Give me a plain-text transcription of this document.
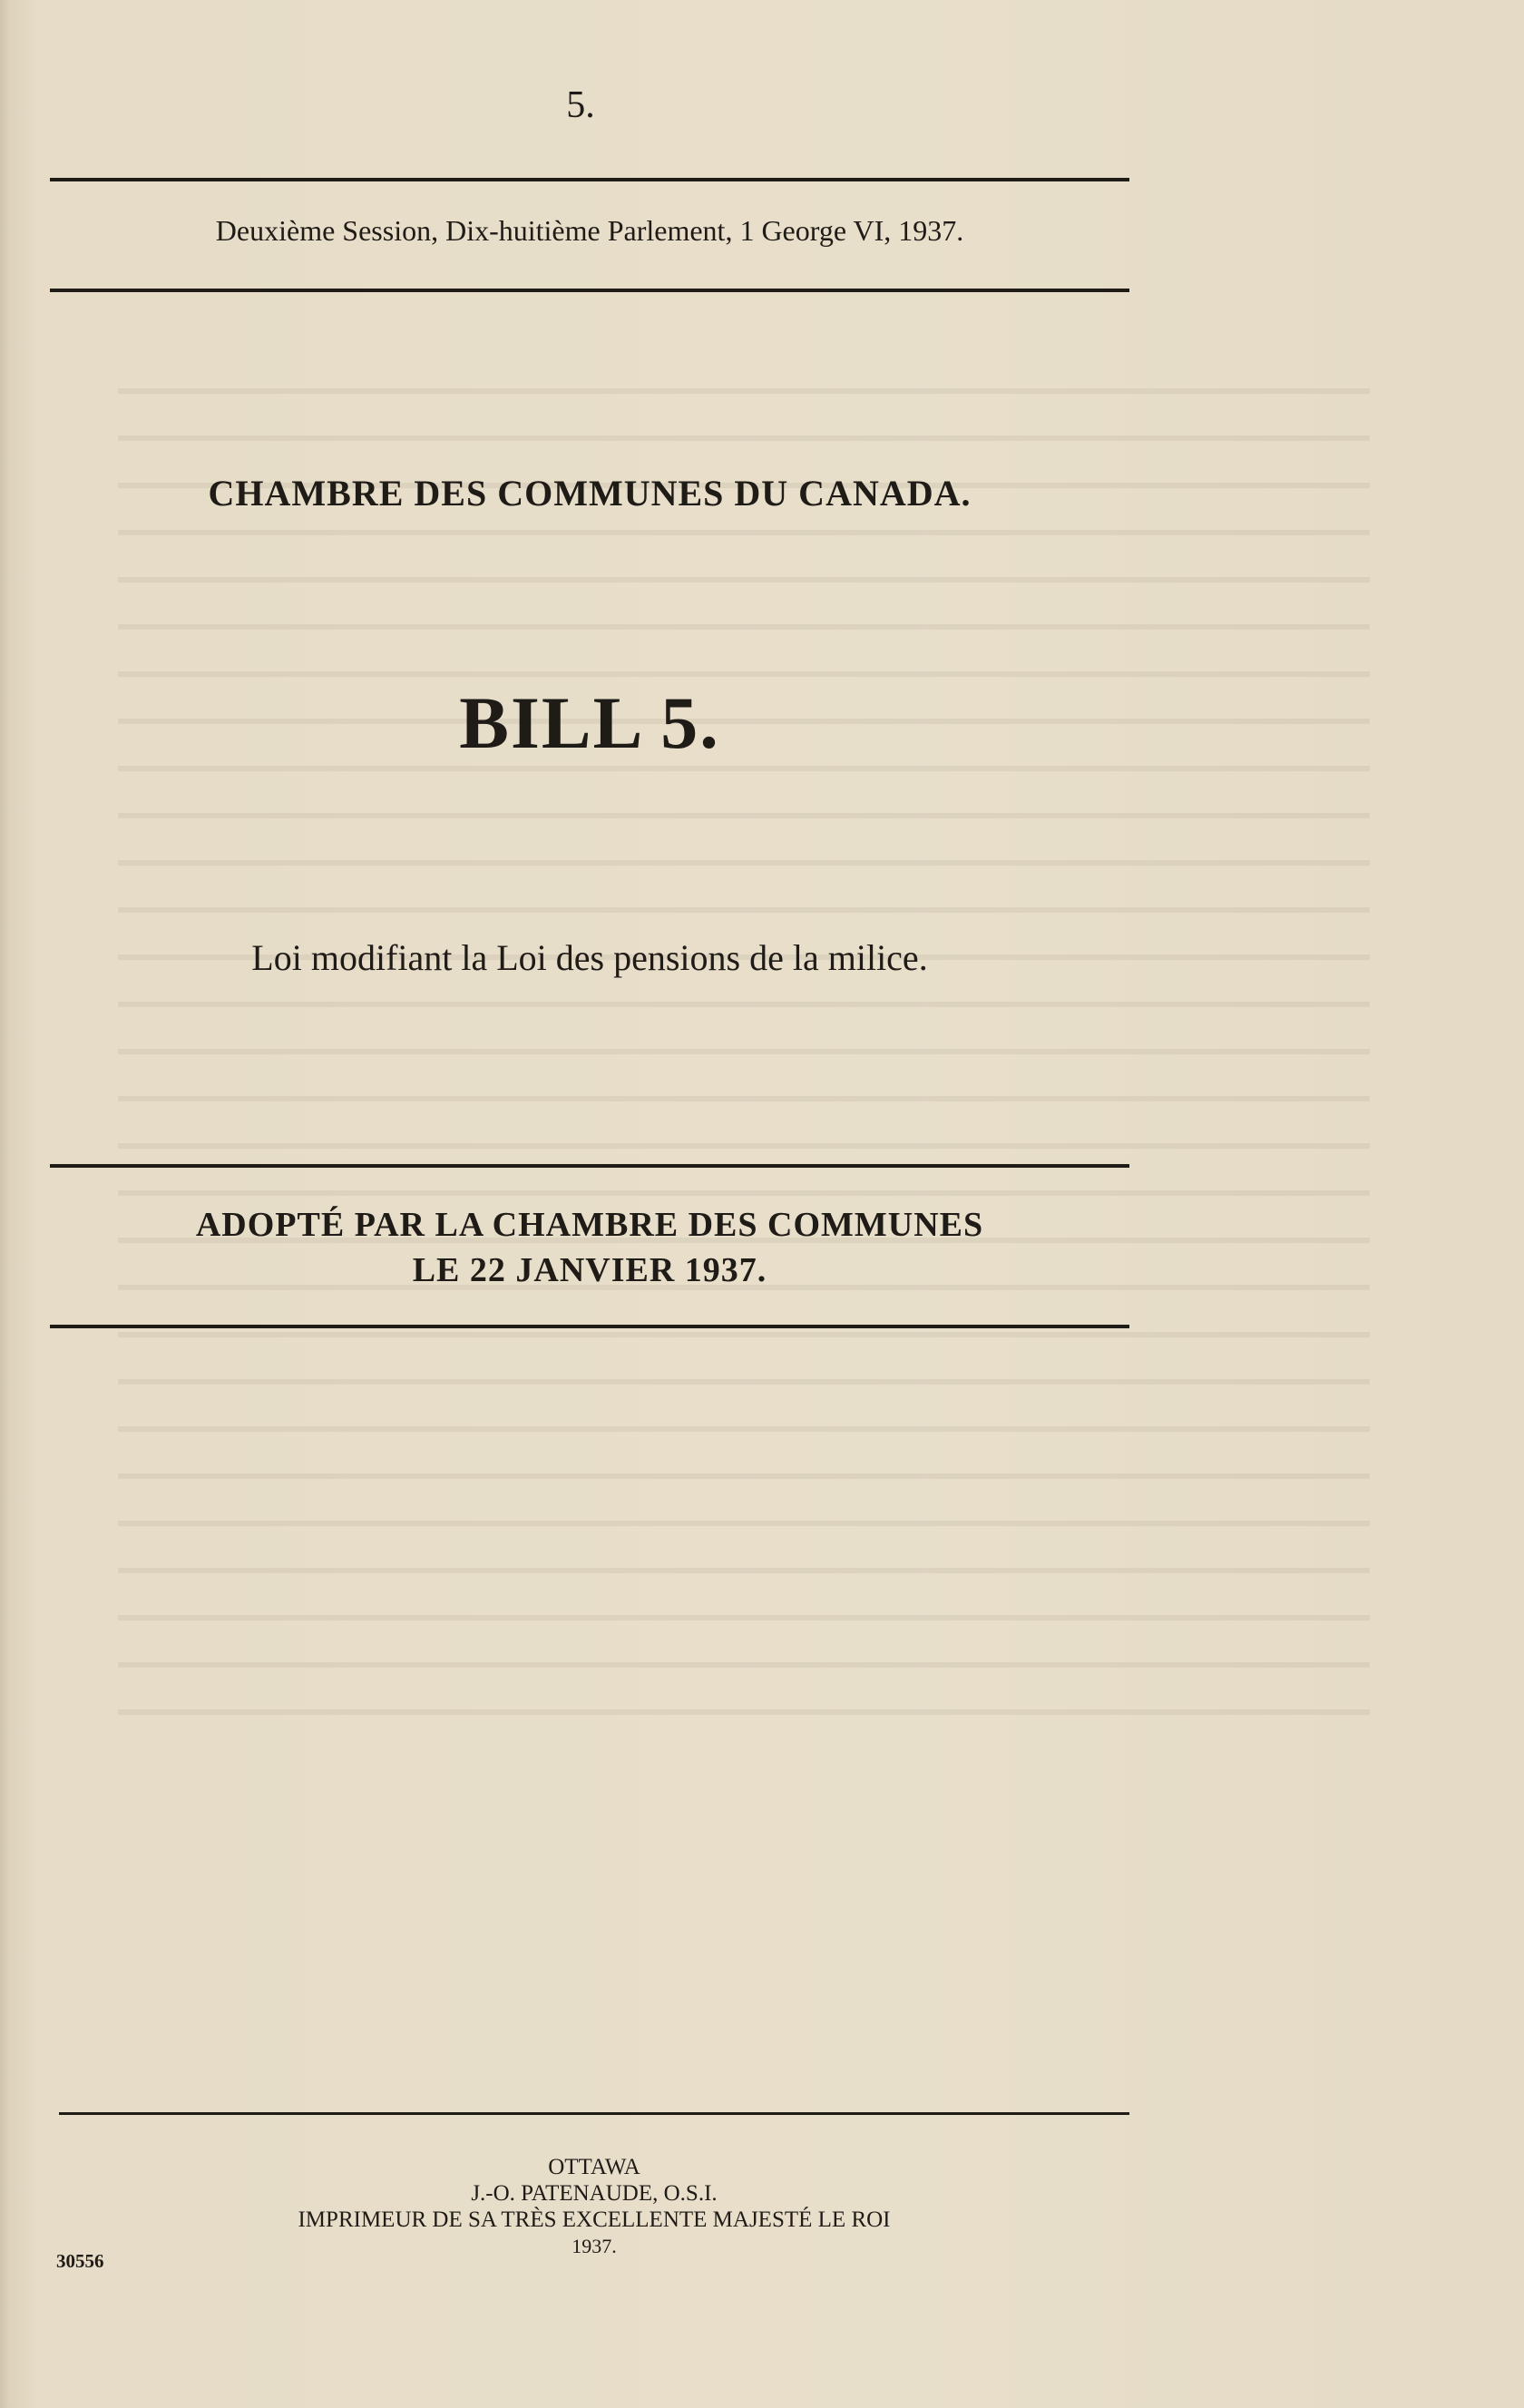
5.
Deuxième Session, Dix-huitième Parlement, 1 George VI, 1937.
CHAMBRE DES COMMUNES DU CANADA.
BILL 5.
Loi modifiant la Loi des pensions de la milice.
ADOPTÉ PAR LA CHAMBRE DES COMMUNES
LE 22 JANVIER 1937.
OTTAWA
J.-O. PATENAUDE, O.S.I.
IMPRIMEUR DE SA TRÈS EXCELLENTE MAJESTÉ LE ROI
1937.
30556
